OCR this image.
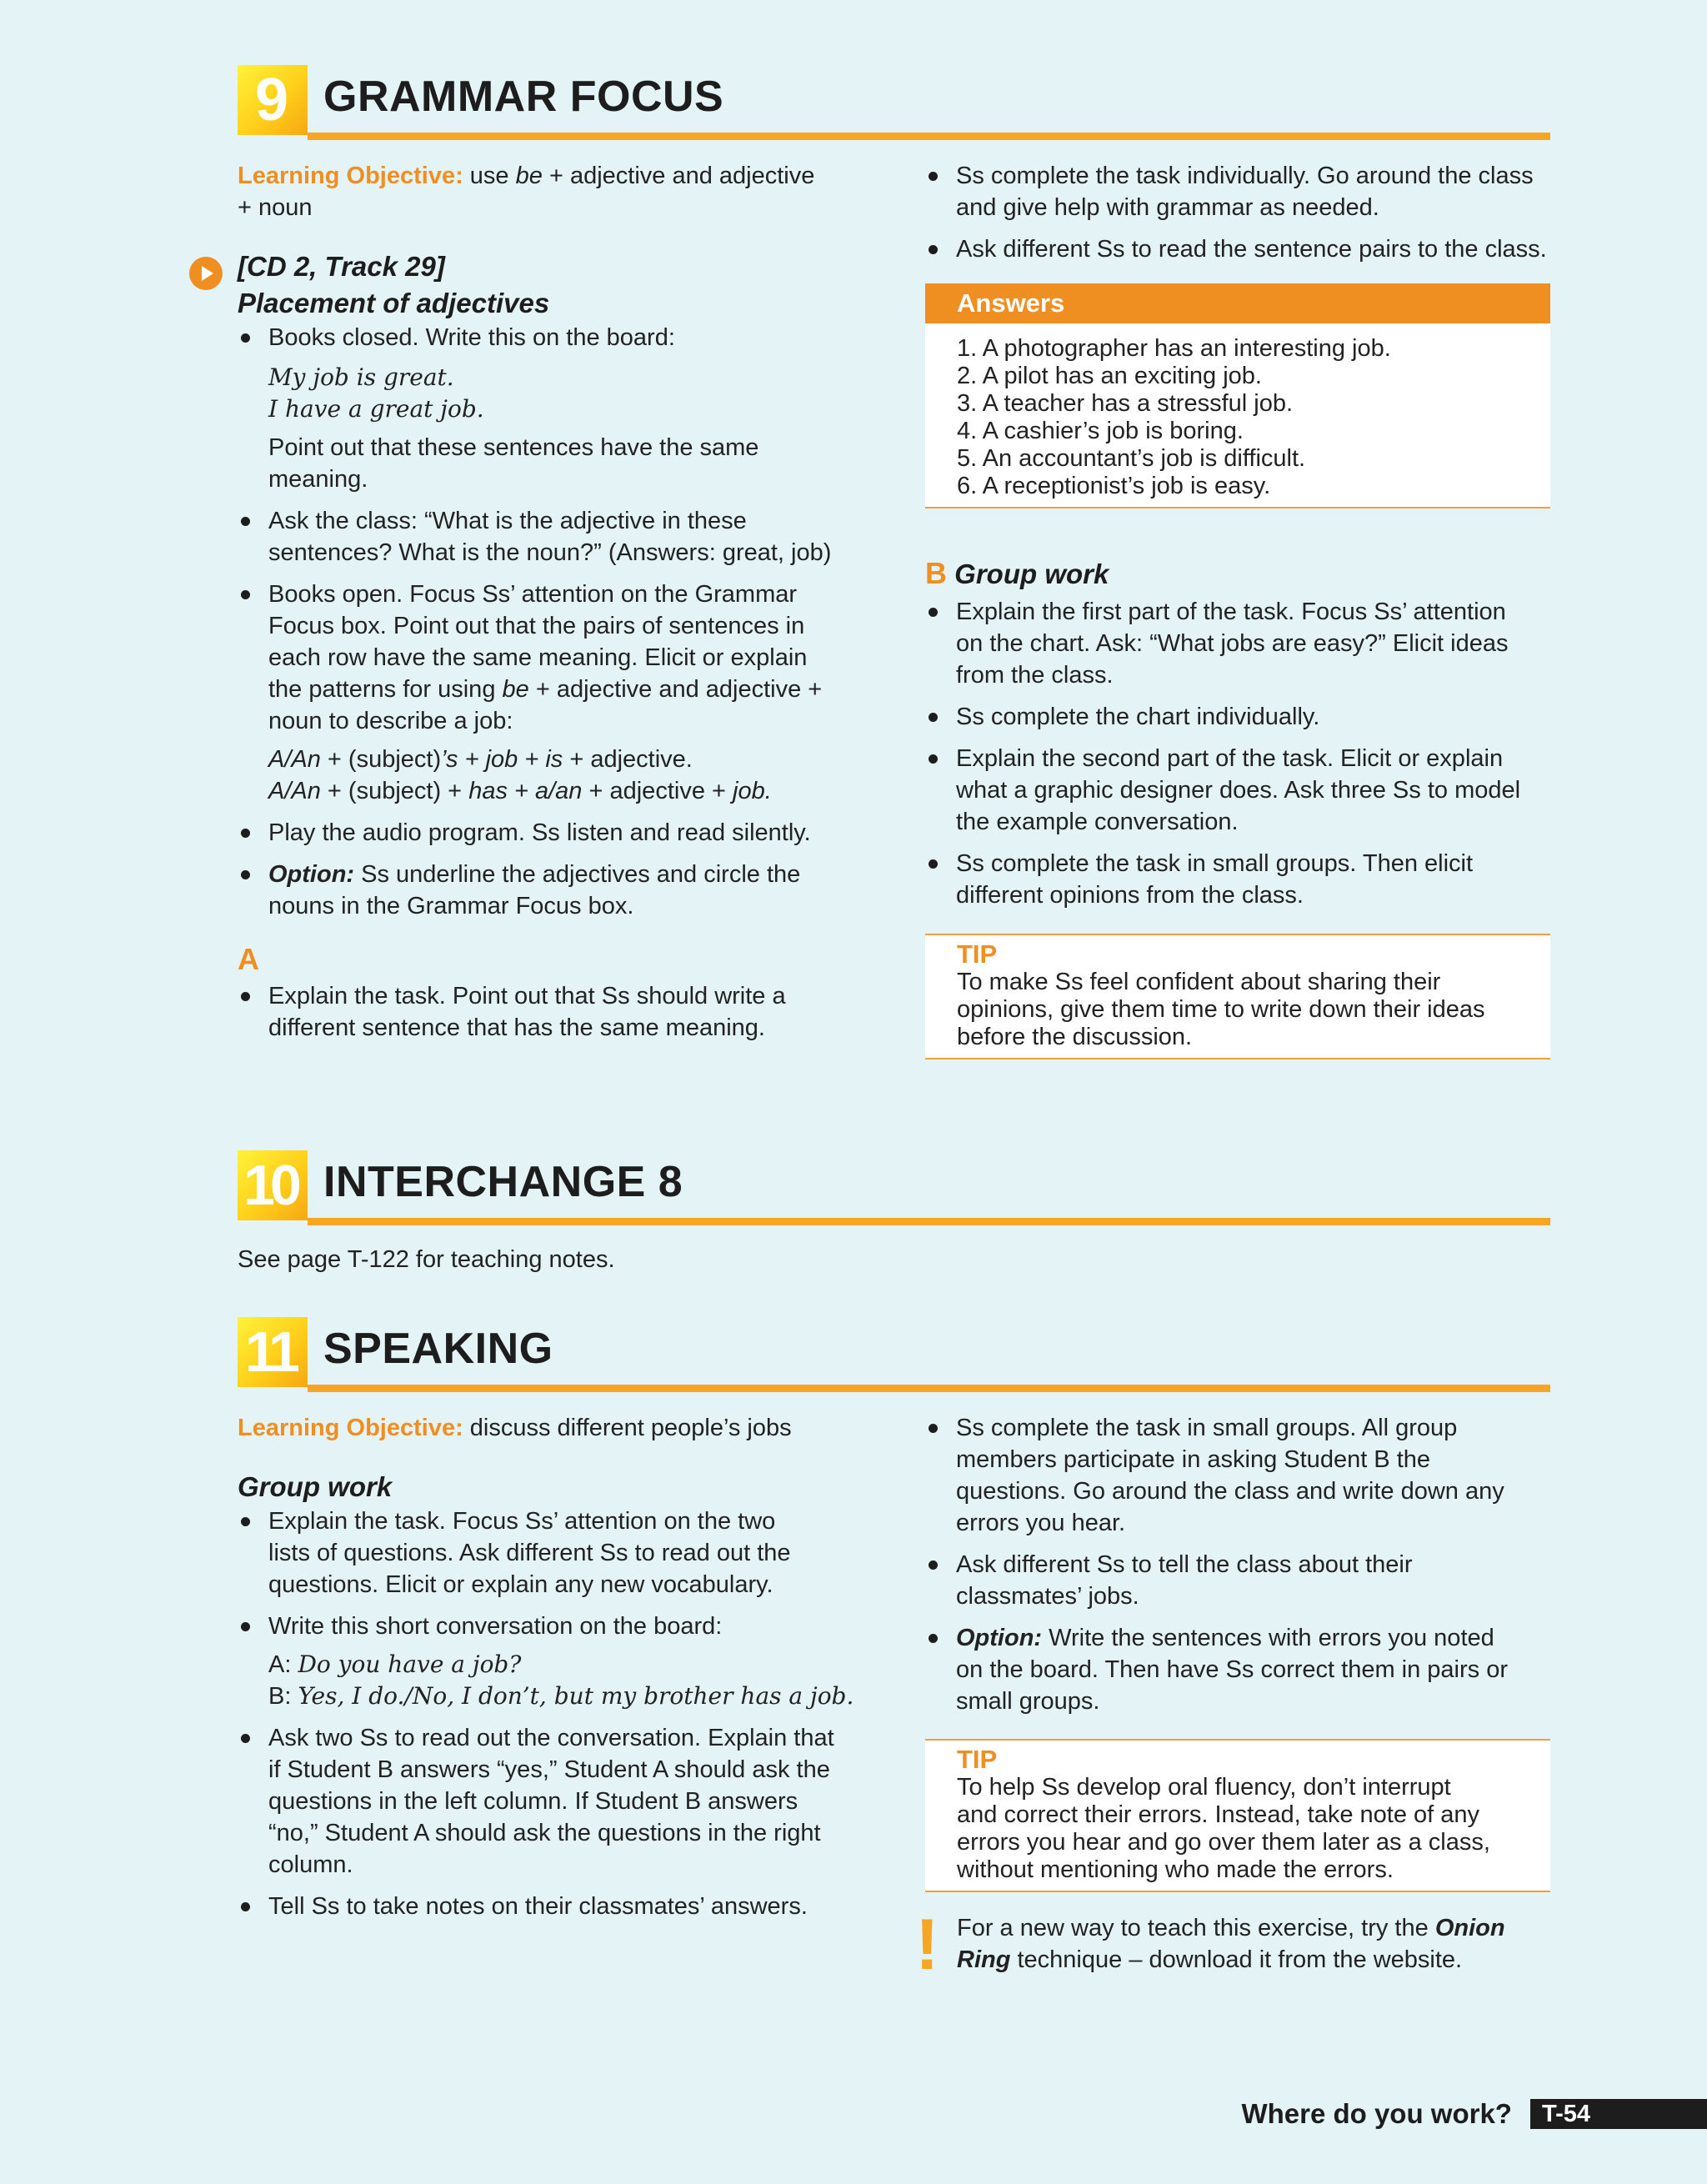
9 GRAMMAR FOCUS

Learning Objective: use be + adjective and adjective

+ noun

[CD 2, Track 29]
Placement of adjectives
Books closed. Write this on the board:
My job is great.
I have a great job.
Point out that these sentences have the same
meaning.
Ask the class: “What is the adjective in these
sentences? What is the noun?” (Answers: great, job)
Books open. Focus Ss’ attention on the Grammar
Focus box. Point out that the pairs of sentences in
each row have the same meaning. Elicit or explain
the patterns for using be + adjective and adjective +
noun to describe a job:
A/An + (subject)’s + job + is + adjective.
A/An + (subject) + has + a/an + adjective + job.
Play the audio program. Ss listen and read silently.
Option: Ss underline the adjectives and circle the
nouns in the Grammar Focus box.
A
Explain the task. Point out that Ss should write a
different sentence that has the same meaning.
Ss complete the task individually. Go around the class
and give help with grammar as needed.
Ask different Ss to read the sentence pairs to the class.
Answers
1. A photographer has an interesting job.
2. A pilot has an exciting job.
3. A teacher has a stressful job.
4. A cashier’s job is boring.
5. An accountant’s job is difficult.
6. A receptionist’s job is easy.
B Group work
Explain the first part of the task. Focus Ss’ attention
on the chart. Ask: “What jobs are easy?” Elicit ideas
from the class.
Ss complete the chart individually.
Explain the second part of the task. Elicit or explain
what a graphic designer does. Ask three Ss to model
the example conversation.
Ss complete the task in small groups. Then elicit
different opinions from the class.
TIP
To make Ss feel confident about sharing their
opinions, give them time to write down their ideas
before the discussion.
10 INTERCHANGE 8
See page T-122 for teaching notes.
11 SPEAKING

Learning Objective: discuss different people’s jobs

Group work
Explain the task. Focus Ss’ attention on the two
lists of questions. Ask different Ss to read out the
questions. Elicit or explain any new vocabulary.
Write this short conversation on the board:
A: Do you have a job?
B: Yes, I do./No, I don’t, but my brother has a job.
Ask two Ss to read out the conversation. Explain that
if Student B answers “yes,” Student A should ask the
questions in the left column. If Student B answers
“no,” Student A should ask the questions in the right
column.
Tell Ss to take notes on their classmates’ answers.
Ss complete the task in small groups. All group
members participate in asking Student B the
questions. Go around the class and write down any
errors you hear.
Ask different Ss to tell the class about their
classmates’ jobs.
Option: Write the sentences with errors you noted
on the board. Then have Ss correct them in pairs or
small groups.
TIP
To help Ss develop oral fluency, don’t interrupt
and correct their errors. Instead, take note of any
errors you hear and go over them later as a class,
without mentioning who made the errors.
! For a new way to teach this exercise, try the Onion
Ring technique – download it from the website.
Where do you work?	T-54
